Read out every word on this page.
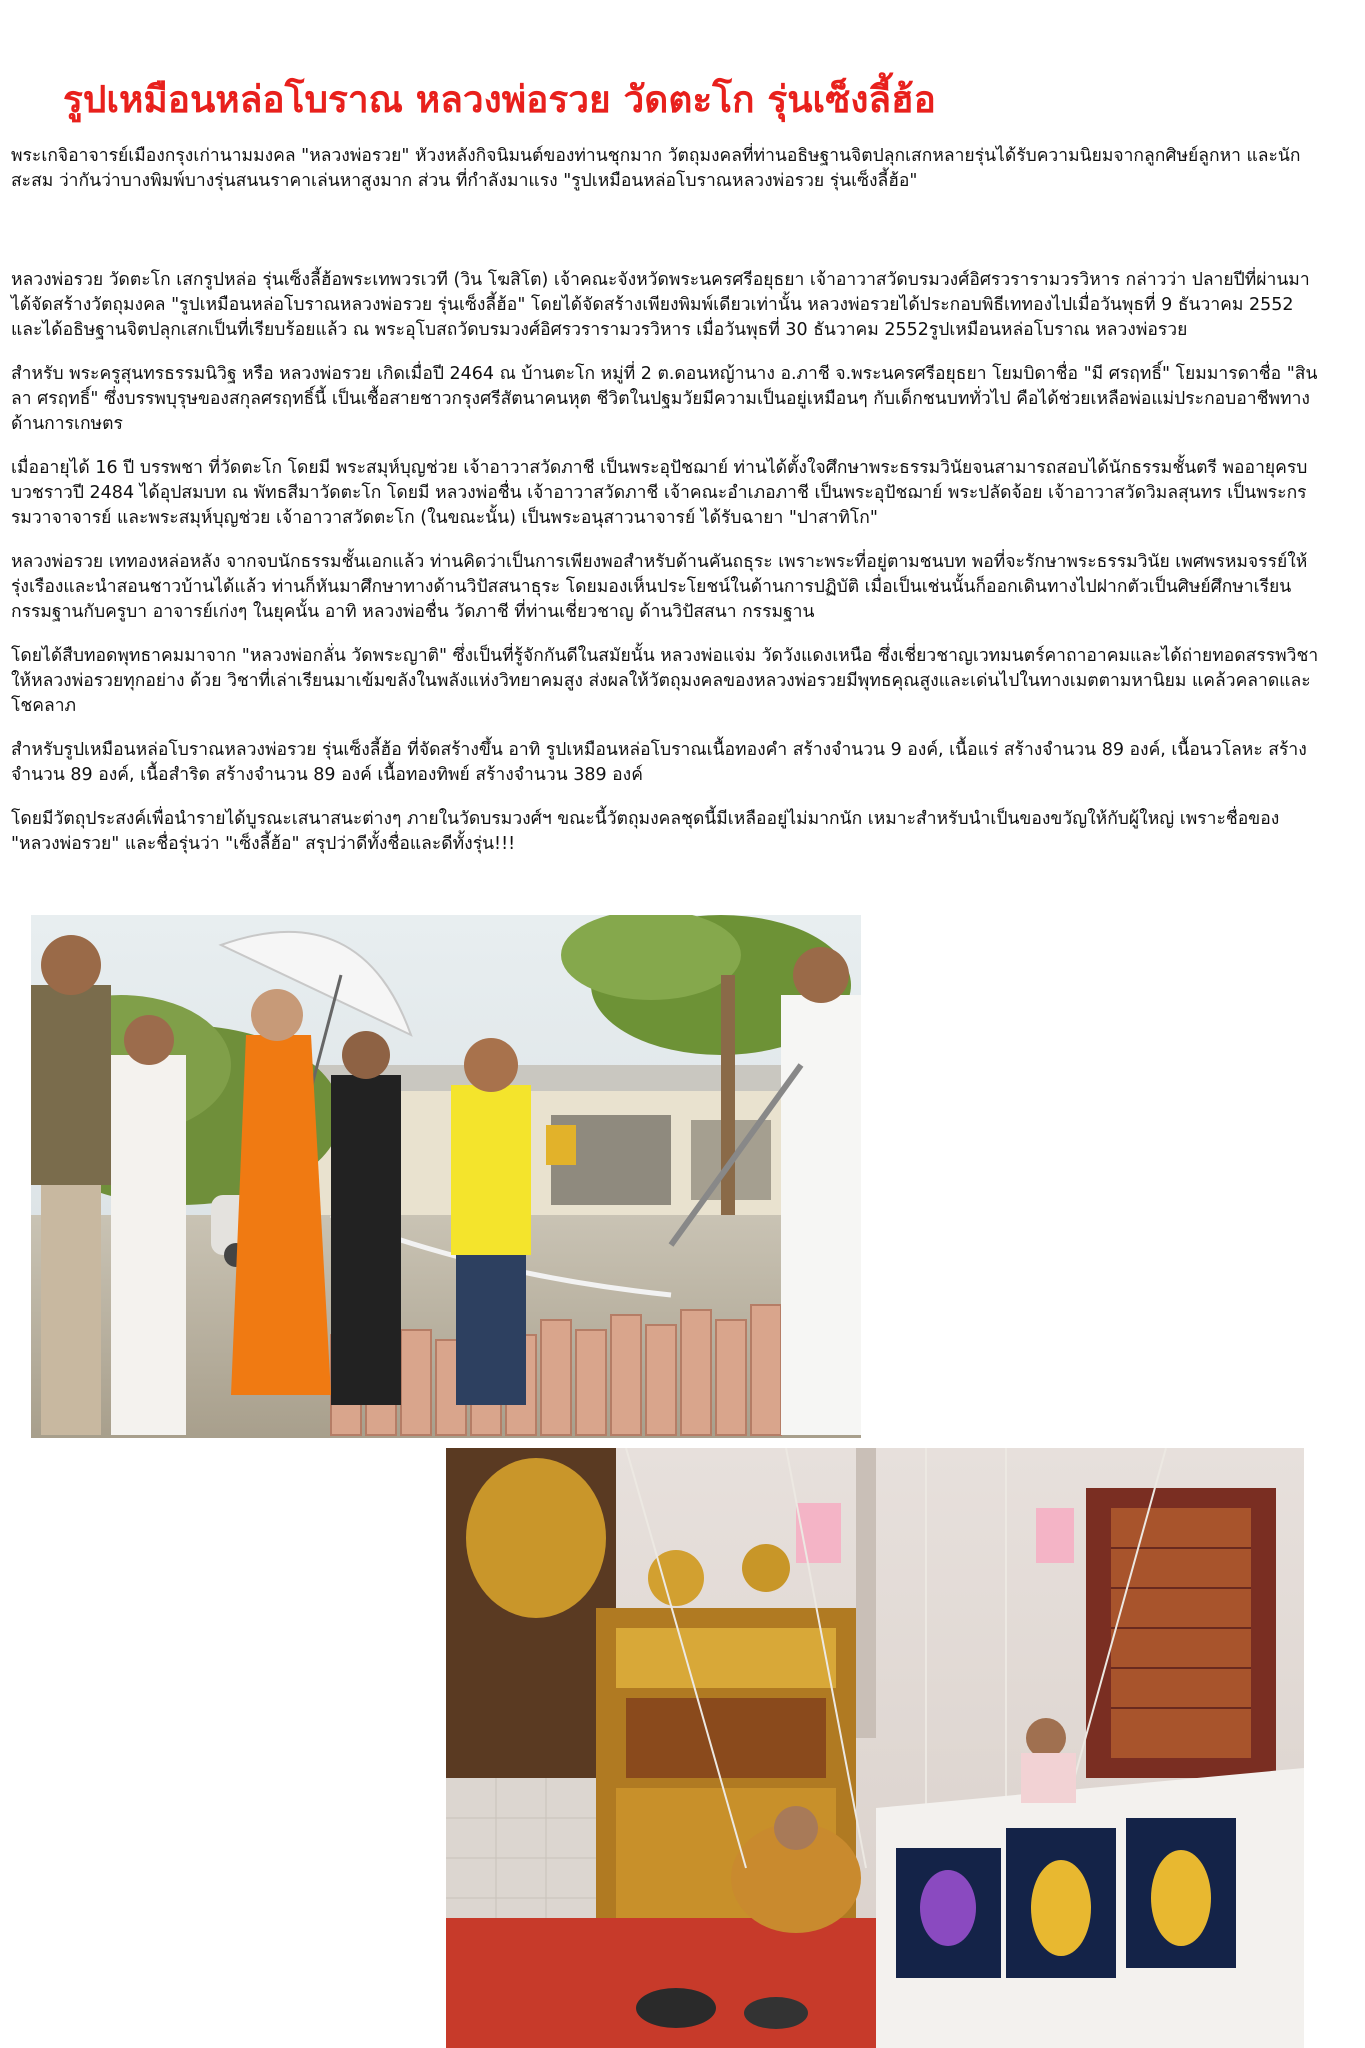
รูปเหมือนหล่อโบราณ หลวงพ่อรวย วัดตะโก รุ่นเซ็งลี้ฮ้อ

พระเกจิอาจารย์เมืองกรุงเก่านามมงคล "หลวงพ่อรวย" หัวงหลังกิจนิมนต์ของท่านชุกมาก วัตถุมงคลที่ท่านอธิษฐานจิตปลุกเสกหลายรุ่นได้รับความนิยมจากลูกศิษย์ลูกหา และนักสะสม ว่ากันว่าบางพิมพ์บางรุ่นสนนราคาเล่นหาสูงมาก ส่วน ที่กำลังมาแรง "รูปเหมือนหล่อโบราณหลวงพ่อรวย รุ่นเซ็งลี้ฮ้อ"

หลวงพ่อรวย วัดตะโก เสกรูปหล่อ รุ่นเซ็งลี้ฮ้อพระเทพวรเวที (วิน โฆสิโต) เจ้าคณะจังหวัดพระนครศรีอยุธยา เจ้าอาวาสวัดบรมวงศ์อิศรวรารามวรวิหาร กล่าวว่า ปลายปีที่ผ่านมาได้จัดสร้างวัตถุมงคล "รูปเหมือนหล่อโบราณหลวงพ่อรวย รุ่นเซ็งลี้ฮ้อ" โดยได้จัดสร้างเพียงพิมพ์เดียวเท่านั้น หลวงพ่อรวยได้ประกอบพิธีเททองไปเมื่อวันพุธที่ 9 ธันวาคม 2552 และได้อธิษฐานจิตปลุกเสกเป็นที่เรียบร้อยแล้ว ณ พระอุโบสถวัดบรมวงศ์อิศรวรารามวรวิหาร เมื่อวันพุธที่ 30 ธันวาคม 2552รูปเหมือนหล่อโบราณ หลวงพ่อรวย

สำหรับ พระครูสุนทรธรรมนิวิฐ หรือ หลวงพ่อรวย เกิดเมื่อปี 2464 ณ บ้านตะโก หมู่ที่ 2 ต.ดอนหญ้านาง อ.ภาชี จ.พระนครศรีอยุธยา โยมบิดาชื่อ "มี ศรฤทธิ์" โยมมารดาชื่อ "สินลา ศรฤทธิ์" ซึ่งบรรพบุรุษของสกุลศรฤทธิ์นี้ เป็นเชื้อสายชาวกรุงศรีสัตนาคนหุต ชีวิตในปฐมวัยมีความเป็นอยู่เหมือนๆ กับเด็กชนบททั่วไป คือได้ช่วยเหลือพ่อแม่ประกอบอาชีพทางด้านการเกษตร

เมื่ออายุได้ 16 ปี บรรพชา ที่วัดตะโก โดยมี พระสมุห์บุญช่วย เจ้าอาวาสวัดภาชี เป็นพระอุปัชฌาย์ ท่านได้ตั้งใจศึกษาพระธรรมวินัยจนสามารถสอบได้นักธรรมชั้นตรี พออายุครบบวชราวปี 2484 ได้อุปสมบท ณ พัทธสีมาวัดตะโก โดยมี หลวงพ่อชื่น เจ้าอาวาสวัดภาชี เจ้าคณะอำเภอภาชี เป็นพระอุปัชฌาย์ พระปลัดจ้อย เจ้าอาวาสวัดวิมลสุนทร เป็นพระกรรมวาจาจารย์ และพระสมุห์บุญช่วย เจ้าอาวาสวัดตะโก (ในขณะนั้น) เป็นพระอนุสาวนาจารย์ ได้รับฉายา "ปาสาทิโก"

หลวงพ่อรวย เททองหล่อหลัง จากจบนักธรรมชั้นเอกแล้ว ท่านคิดว่าเป็นการเพียงพอสำหรับด้านคันถธุระ เพราะพระที่อยู่ตามชนบท พอที่จะรักษาพระธรรมวินัย เพศพรหมจรรย์ให้รุ่งเรืองและนำสอนชาวบ้านได้แล้ว ท่านก็หันมาศึกษาทางด้านวิปัสสนาธุระ โดยมองเห็นประโยชน์ในด้านการปฏิบัติ เมื่อเป็นเช่นนั้นก็ออกเดินทางไปฝากตัวเป็นศิษย์ศึกษาเรียนกรรมฐานกับครูบา อาจารย์เก่งๆ ในยุคนั้น อาทิ หลวงพ่อชื่น วัดภาชี ที่ท่านเชี่ยวชาญ ด้านวิปัสสนา กรรมฐาน

โดยได้สืบทอดพุทธาคมมาจาก "หลวงพ่อกลั่น วัดพระญาติ" ซึ่งเป็นที่รู้จักกันดีในสมัยนั้น หลวงพ่อแจ่ม วัดวังแดงเหนือ ซึ่งเชี่ยวชาญเวทมนตร์คาถาอาคมและได้ถ่ายทอดสรรพวิชาให้หลวงพ่อรวยทุกอย่าง ด้วย วิชาที่เล่าเรียนมาเข้มขลังในพลังแห่งวิทยาคมสูง ส่งผลให้วัตถุมงคลของหลวงพ่อรวยมีพุทธคุณสูงและเด่นไปในทางเมตตามหานิยม แคล้วคลาดและโชคลาภ

สำหรับรูปเหมือนหล่อโบราณหลวงพ่อรวย รุ่นเซ็งลี้ฮ้อ ที่จัดสร้างขึ้น อาทิ รูปเหมือนหล่อโบราณเนื้อทองคำ สร้างจำนวน 9 องค์, เนื้อแร่ สร้างจำนวน 89 องค์, เนื้อนวโลหะ สร้างจำนวน 89 องค์, เนื้อสำริด สร้างจำนวน 89 องค์ เนื้อทองทิพย์ สร้างจำนวน 389 องค์

โดยมีวัตถุประสงค์เพื่อนำรายได้บูรณะเสนาสนะต่างๆ ภายในวัดบรมวงศ์ฯ ขณะนี้วัตถุมงคลชุดนี้มีเหลืออยู่ไม่มากนัก เหมาะสำหรับนำเป็นของขวัญให้กับผู้ใหญ่ เพราะชื่อของ "หลวงพ่อรวย" และชื่อรุ่นว่า "เซ็งลี้ฮ้อ" สรุปว่าดีทั้งชื่อและดีทั้งรุ่น!!!
